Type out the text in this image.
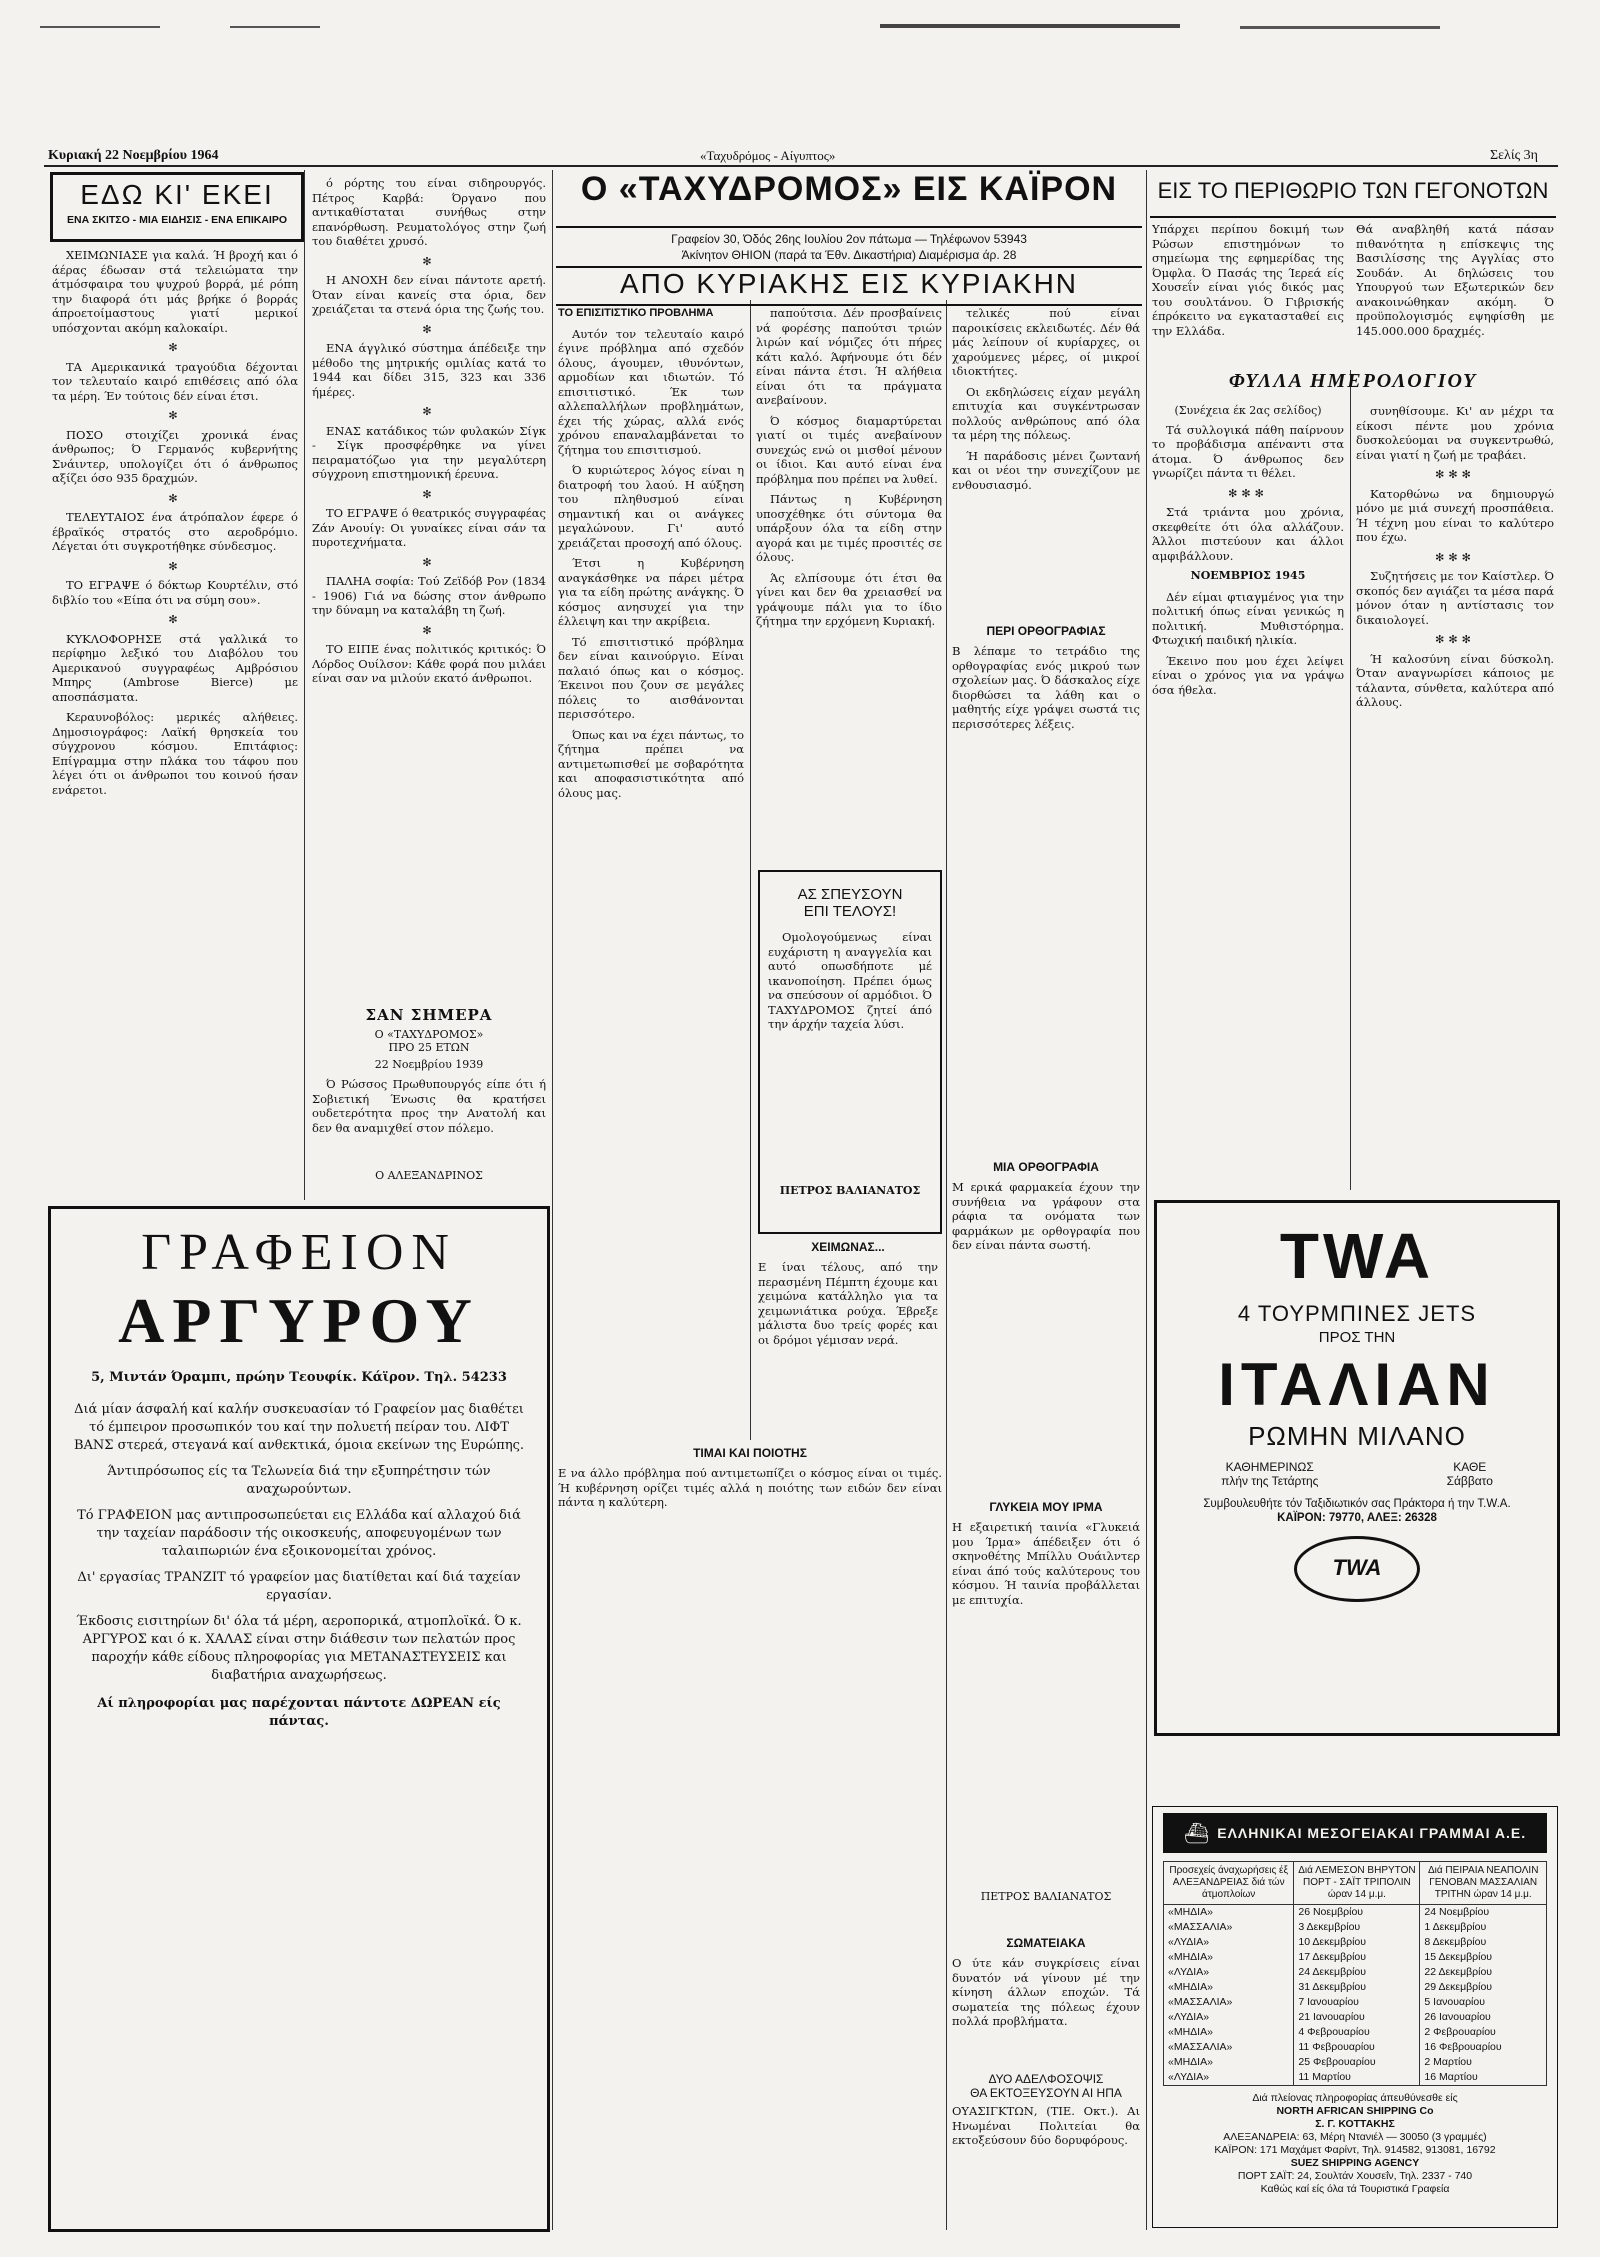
Κυριακή 22 Νοεμβρίου 1964	«Ταχυδρόμος - Αίγυπτος»	Σελίς 3η
ΕΔΩ ΚΙ' ΕΚΕΙ
ΕΝΑ ΣΚΙΤΣΟ - ΜΙΑ ΕΙΔΗΣΙΣ - ΕΝΑ ΕΠΙΚΑΙΡΟ

ΧΕΙΜΩΝΙΑΣΕ για καλά. Ή βροχή και ό άέρας έδωσαν στά τελειώματα την άτμόσφαιρα του ψυχρού βορρά, μέ ρόπη την διαφορά ότι μάς βρήκε ό βορράς άπροετοίμαστους γιατί μερικοί υπόσχονται ακόμη καλοκαίρι.

✻

ΤΑ Αμερικανικά τραγούδια δέχονται τον τελευταίο καιρό επιθέσεις από όλα τα μέρη. Έν τούτοις δέν είναι έτσι.

✻

ΠΟΣΟ στοιχίζει χρονικά ένας άνθρωπος; Ό Γερμανός κυβερνήτης Σνάιντερ, υπολογίζει ότι ό άνθρωπος αξίζει όσο 935 δραχμών.

✻

ΤΕΛΕΥΤΑΙΟΣ ένα άτρόπαλον έφερε ό έβραϊκός στρατός στο αεροδρόμιο. Λέγεται ότι συγκροτήθηκε σύνδεσμος.

✻

ΤΟ ΕΓΡΑΨΕ ό δόκτωρ Κουρτέλιν, στό διβλίο του «Είπα ότι να σύμη σου».

✻

ΚΥΚΛΟΦΟΡΗΣΕ στά γαλλικά το περίφημο λεξικό του Διαβόλου του Αμερικανού συγγραφέως Αμβρόσιου Μπηρς (Ambrose Bierce) με αποσπάσματα.

Κεραυνοβόλος: μερικές αλήθειες. Δημοσιογράφος: Λαϊκή θρησκεία του σύγχρονου κόσμου. Επιτάφιος: Επίγραμμα στην πλάκα του τάφου που λέγει ότι οι άνθρωποι του κοινού ήσαν ενάρετοι.

ό ρόρτης του είναι σιδηρουργός. Πέτρος Καρβά: Όργανο που αντικαθίσταται συνήθως στην επανόρθωση. Ρευματολόγος στην ζωή του διαθέτει χρυσό.

✻

Η ΑΝΟΧΗ δεν είναι πάντοτε αρετή. Όταν είναι κανείς στα όρια, δεν χρειάζεται τα στενά όρια της ζωής του.

✻

ΕΝΑ άγγλικό σύστημα άπέδειξε την μέθοδο της μητρικής ομιλίας κατά το 1944 και δίδει 315, 323 και 336 ήμέρες.

✻

ΕΝΑΣ κατάδικος τών φυλακών Σίγκ - Σίγκ προσφέρθηκε να γίνει πειραματόζωο για την μεγαλύτερη σύγχρονη επιστημονική έρευνα.

✻

ΤΟ ΕΓΡΑΨΕ ό θεατρικός συγγραφέας Ζάν Ανουίγ: Οι γυναίκες είναι σάν τα πυροτεχνήματα.

✻

ΠΑΛΗΑ σοφία: Τού Ζεϊδόβ Ρον (1834 - 1906) Γιά να δώσης στον άνθρωπο την δύναμη να καταλάβη τη ζωή.

✻

ΤΟ ΕΙΠΕ ένας πολιτικός κριτικός: Ό Λόρδος Ουίλσον: Κάθε φορά που μιλάει είναι σαν να μιλούν εκατό άνθρωποι.

ΣΑΝ ΣΗΜΕΡΑ
Ο «ΤΑΧΥΔΡΟΜΟΣ»
ΠΡΟ 25 ΕΤΩΝ
22 Νοεμβρίου 1939
Ό Ρώσσος Πρωθυπουργός είπε ότι ή Σοβιετική Ένωσις θα κρατήσει ουδετερότητα προς την Ανατολή και δεν θα αναμιχθεί στον πόλεμο.
Ο ΑΛΕΞΑΝΔΡΙΝΟΣ
ΓΡΑΦΕΙΟΝ
ΑΡΓΥΡΟΥ
5, Μιντάν Όραμπι, πρώην Τεουφίκ. Κάϊρον. Τηλ. 54233

Διά μίαν άσφαλή καί καλήν συσκευασίαν τό Γραφείον μας διαθέτει τό έμπειρον προσωπικόν του καί την πολυετή πείραν του. ΛΙΦΤ ΒΑΝΣ στερεά, στεγανά καί ανθεκτικά, όμοια εκείνων της Ευρώπης.

Άντιπρόσωπος είς τα Τελωνεία διά την εξυπηρέτησιν τών αναχωρούντων.

Τό ΓΡΑΦΕΙΟΝ μας αντιπροσωπεύεται εις Ελλάδα καί αλλαχού διά την ταχείαν παράδοσιν τής οικοσκευής, αποφευγομένων των ταλαιπωριών ένα εξοικονομείται χρόνος.

Δι' εργασίας ΤΡΑΝΖΙΤ τό γραφείον μας διατίθεται καί διά ταχείαν εργασίαν.

Έκδοσις εισιτηρίων δι' όλα τά μέρη, αεροπορικά, ατμοπλοϊκά. Ό κ. ΑΡΓΥΡΟΣ και ό κ. ΧΑΛΑΣ είναι στην διάθεσιν των πελατών προς παροχήν κάθε είδους πληροφορίας για ΜΕΤΑΝΑΣΤΕΥΣΕΙΣ και διαβατήρια αναχωρήσεως.

Αί πληροφορίαι μας παρέχονται πάντοτε ΔΩΡΕΑΝ είς πάντας.

Ο «ΤΑΧΥΔΡΟΜΟΣ» ΕΙΣ ΚΑΪΡΟΝ
Γραφείον 30, Όδός 26ης Ιουλίου 2ον πάτωμα — Τηλέφωνον 53943
Άκίνητον ΘΗΙΟΝ (παρά τα Έθν. Δικαστήρια) Διαμέρισμα άρ. 28
ΑΠΟ ΚΥΡΙΑΚΗΣ ΕΙΣ ΚΥΡΙΑΚΗΝ
ΤΟ ΕΠΙΣΙΤΙΣΤΙΚΟ ΠΡΟΒΛΗΜΑ

Αυτόν τον τελευταίο καιρό έγινε πρόβλημα από σχεδόν όλους, άγουμεν, ιθυνόντων, αρμοδίων και ιδιωτών. Τό επισιτιστικό. Έκ των αλλεπαλλήλων προβλημάτων, έχει τής χώρας, αλλά ενός χρόνου επαναλαμβάνεται το ζήτημα του επισιτισμού.

Ό κυριώτερος λόγος είναι η διατροφή του λαού. Η αύξηση του πληθυσμού είναι σημαντική και οι ανάγκες μεγαλώνουν. Γι' αυτό χρειάζεται προσοχή από όλους.

Έτσι η Κυβέρνηση αναγκάσθηκε να πάρει μέτρα για τα είδη πρώτης ανάγκης. Ό κόσμος ανησυχεί για την έλλειψη και την ακρίβεια.

Τό επισιτιστικό πρόβλημα δεν είναι καινούργιο. Είναι παλαιό όπως και ο κόσμος. Έκεινοι που ζουν σε μεγάλες πόλεις το αισθάνονται περισσότερο.

Όπως και να έχει πάντως, το ζήτημα πρέπει να αντιμετωπισθεί με σοβαρότητα και αποφασιστικότητα από όλους μας.

παπούτσια. Δέν προσβαίνεις νά φορέσης παπούτσι τριών λιρών καί νόμιζες ότι πήρες κάτι καλό. Άφήνουμε ότι δέν είναι πάντα έτσι. Ή αλήθεια είναι ότι τα πράγματα ανεβαίνουν.

Ό κόσμος διαμαρτύρεται γιατί οι τιμές ανεβαίνουν συνεχώς ενώ οι μισθοί μένουν οι ίδιοι. Και αυτό είναι ένα πρόβλημα που πρέπει να λυθεί.

Πάντως η Κυβέρνηση υποσχέθηκε ότι σύντομα θα υπάρξουν όλα τα είδη στην αγορά και με τιμές προσιτές σε όλους.

Άς ελπίσουμε ότι έτσι θα γίνει και δεν θα χρειασθεί να γράψουμε πάλι για το ίδιο ζήτημα την ερχόμενη Κυριακή.

τελικές πού είναι παροικίσεις εκλειδωτές. Δέν θά μάς λείπουν οί κυρίαρχες, οι χαρούμενες μέρες, οί μικροί ιδιοκτήτες.

Οι εκδηλώσεις είχαν μεγάλη επιτυχία και συγκέντρωσαν πολλούς ανθρώπους από όλα τα μέρη της πόλεως.

Ή παράδοσις μένει ζωντανή και οι νέοι την συνεχίζουν με ενθουσιασμό.

ΑΣ ΣΠΕΥΣΟΥΝ
ΕΠΙ ΤΕΛΟΥΣ!
Ομολογούμενως είναι ευχάριστη η αναγγελία και αυτό οπωσδήποτε μέ ικανοποίηση. Πρέπει όμως να σπεύσουν οί αρμόδιοι. Ό ΤΑΧΥΔΡΟΜΟΣ ζητεί άπό την άρχήν ταχεία λύσι.
ΠΕΤΡΟΣ ΒΑΛΙΑΝΑΤΟΣ
ΠΕΡΙ ΟΡΘΟΓΡΑΦΙΑΣ
Β λέπαμε το τετράδιο της ορθογραφίας ενός μικρού των σχολείων μας. Ό δάσκαλος είχε διορθώσει τα λάθη και ο μαθητής είχε γράψει σωστά τις περισσότερες λέξεις.
ΧΕΙΜΩΝΑΣ...
Ε ίναι τέλους, από την περασμένη Πέμπτη έχουμε και χειμώνα κατάλληλο για τα χειμωνιάτικα ρούχα. Έβρεξε μάλιστα δυο τρείς φορές και οι δρόμοι γέμισαν νερά.
ΜΙΑ ΟΡΘΟΓΡΑΦΙΑ
Μ ερικά φαρμακεία έχουν την συνήθεια να γράφουν στα ράφια τα ονόματα των φαρμάκων με ορθογραφία που δεν είναι πάντα σωστή.
ΤΙΜΑΙ ΚΑΙ ΠΟΙΟΤΗΣ
Ε να άλλο πρόβλημα πού αντιμετωπίζει ο κόσμος είναι οι τιμές. Ή κυβέρνηση ορίζει τιμές αλλά η ποιότης των ειδών δεν είναι πάντα η καλύτερη.	ΓΛΥΚΕΙΑ ΜΟΥ ΙΡΜΑ
Η εξαιρετική ταινία «Γλυκειά μου Ίρμα» άπέδειξεν ότι ό σκηνοθέτης Μπίλλυ Ουάιλντερ είναι άπό τούς καλύτερους του κόσμου. Ή ταινία προβάλλεται με επιτυχία.
ΠΕΤΡΟΣ ΒΑΛΙΑΝΑΤΟΣ
ΣΩΜΑΤΕΙΑΚΑ
Ο ύτε κάν συγκρίσεις είναι δυνατόν νά γίνουν μέ την κίνηση άλλων εποχών. Τά σωματεία της πόλεως έχουν πολλά προβλήματα.
ΔΥΟ ΑΔΕΛΦΟΣΟΨΙΣ
ΘΑ ΕΚΤΟΞΕΥΣΟΥΝ ΑΙ ΗΠΑ
ΟΥΑΣΙΓΚΤΩΝ, (ΤΙΕ. Οκτ.). Αι Ηνωμέναι Πολιτείαι θα εκτοξεύσουν δύο δορυφόρους.
ΕΙΣ ΤΟ ΠΕΡΙΘΩΡΙΟ ΤΩΝ ΓΕΓΟΝΟΤΩΝ
Υπάρχει περίπου δοκιμή των Ρώσων επιστημόνων το σημείωμα της εφημερίδας της Όμφλα. Ό Πασάς της Ίερεά είς Χουσεΐν είναι γιός δικός μας του σουλτάνου. Ό Γιβρισκής έπρόκειτο να εγκατασταθεί εις την Ελλάδα.
Θά αναβληθή κατά πάσαν πιθανότητα η επίσκεψις της Βασιλίσσης της Αγγλίας στο Σουδάν. Αι δηλώσεις του Υπουργού των Εξωτερικών δεν ανακοινώθηκαν ακόμη. Ό προϋπολογισμός εψηφίσθη με 145.000.000 δραχμές.
ΦΥΛΛΑ ΗΜΕΡΟΛΟΓΙΟΥ
(Συνέχεια έκ 2ας σελίδος)

Τά συλλογικά πάθη παίρνουν το προβάδισμα απέναντι στα άτομα. Ό άνθρωπος δεν γνωρίζει πάντα τι θέλει.

✻✻✻

Στά τριάντα μου χρόνια, σκεφθείτε ότι όλα αλλάζουν. Άλλοι πιστεύουν και άλλοι αμφιβάλλουν.

ΝΟΕΜΒΡΙΟΣ 1945

Δέν είμαι φτιαγμένος για την πολιτική όπως είναι γενικώς η πολιτική. Μυθιστόρημα. Φτωχική παιδική ηλικία.

Έκεινο που μου έχει λείψει είναι ο χρόνος για να γράψω όσα ήθελα.

συνηθίσουμε. Κι' αν μέχρι τα είκοσι πέντε μου χρόνια δυσκολεύομαι να συγκεντρωθώ, είναι γιατί η ζωή με τραβάει.

✻✻✻

Κατορθώνω να δημιουργώ μόνο με μιά συνεχή προσπάθεια. Ή τέχνη μου είναι το καλύτερο που έχω.

✻✻✻

Συζητήσεις με τον Καίστλερ. Ό σκοπός δεν αγιάζει τα μέσα παρά μόνον όταν η αντίστασις τον δικαιολογεί.

✻✻✻

Ή καλοσύνη είναι δύσκολη. Όταν αναγνωρίσει κάποιος με τάλαντα, σύνθετα, καλύτερα από άλλους.

TWA
4 ΤΟΥΡΜΠΙΝΕΣ JETS
ΠΡΟΣ ΤΗΝ
ΙΤΑΛΙΑΝ
ΡΩΜΗΝ ΜΙΛΑΝΟ
ΚΑΘΗΜΕΡΙΝΩΣ
πλήν της Τετάρτης
ΚΑΘΕ
Σάββατο
Συμβουλευθήτε τόν Ταξιδιωτικόν σας Πράκτορα ή την T.W.A.
ΚΑΪΡΟΝ: 79770, ΑΛΕΞ: 26328
TWA
⛴ ΕΛΛΗΝΙΚΑΙ ΜΕΣΟΓΕΙΑΚΑΙ ΓΡΑΜΜΑΙ Α.Ε.
Προσεχείς άναχωρήσεις έξ ΑΛΕΞΑΝΔΡΕΙΑΣ διά τών άτμοπλοίων	Διά ΛΕΜΕΣΟΝ ΒΗΡΥΤΟΝ ΠΟΡΤ - ΣΑΪΤ ΤΡΙΠΟΛΙΝ ώραν 14 μ.μ.	Διά ΠΕΙΡΑΙΑ ΝΕΑΠΟΛΙΝ ΓΕΝΟΒΑΝ ΜΑΣΣΑΛΙΑΝ ΤΡΙΤΗΝ ώραν 14 μ.μ.
«ΜΗΔΙΑ»	26 Νοεμβρίου	24 Νοεμβρίου
«ΜΑΣΣΑΛΙΑ»	3 Δεκεμβρίου	1 Δεκεμβρίου
«ΛΥΔΙΑ»	10 Δεκεμβρίου	8 Δεκεμβρίου
«ΜΗΔΙΑ»	17 Δεκεμβρίου	15 Δεκεμβρίου
«ΛΥΔΙΑ»	24 Δεκεμβρίου	22 Δεκεμβρίου
«ΜΗΔΙΑ»	31 Δεκεμβρίου	29 Δεκεμβρίου
«ΜΑΣΣΑΛΙΑ»	7 Ιανουαρίου	5 Ιανουαρίου
«ΛΥΔΙΑ»	21 Ιανουαρίου	26 Ιανουαρίου
«ΜΗΔΙΑ»	4 Φεβρουαρίου	2 Φεβρουαρίου
«ΜΑΣΣΑΛΙΑ»	11 Φεβρουαρίου	16 Φεβρουαρίου
«ΜΗΔΙΑ»	25 Φεβρουαρίου	2 Μαρτίου
«ΛΥΔΙΑ»	11 Μαρτίου	16 Μαρτίου
Διά πλείονας πληροφορίας άπευθύνεσθε είς
NORTH AFRICAN SHIPPING Co
Σ. Γ. ΚΟΤΤΑΚΗΣ
ΑΛΕΞΑΝΔΡΕΙΑ: 63, Μέρη Ντανιέλ — 30050 (3 γραμμές)
ΚΑΪΡΟΝ: 171 Μαχάμετ Φαρίντ, Τηλ. 914582, 913081, 16792
SUEZ SHIPPING AGENCY
ΠΟΡΤ ΣΑΪΤ: 24, Σουλτάν Χουσεΐν, Τηλ. 2337 - 740
Καθώς καί είς όλα τά Τουριστικά Γραφεία
